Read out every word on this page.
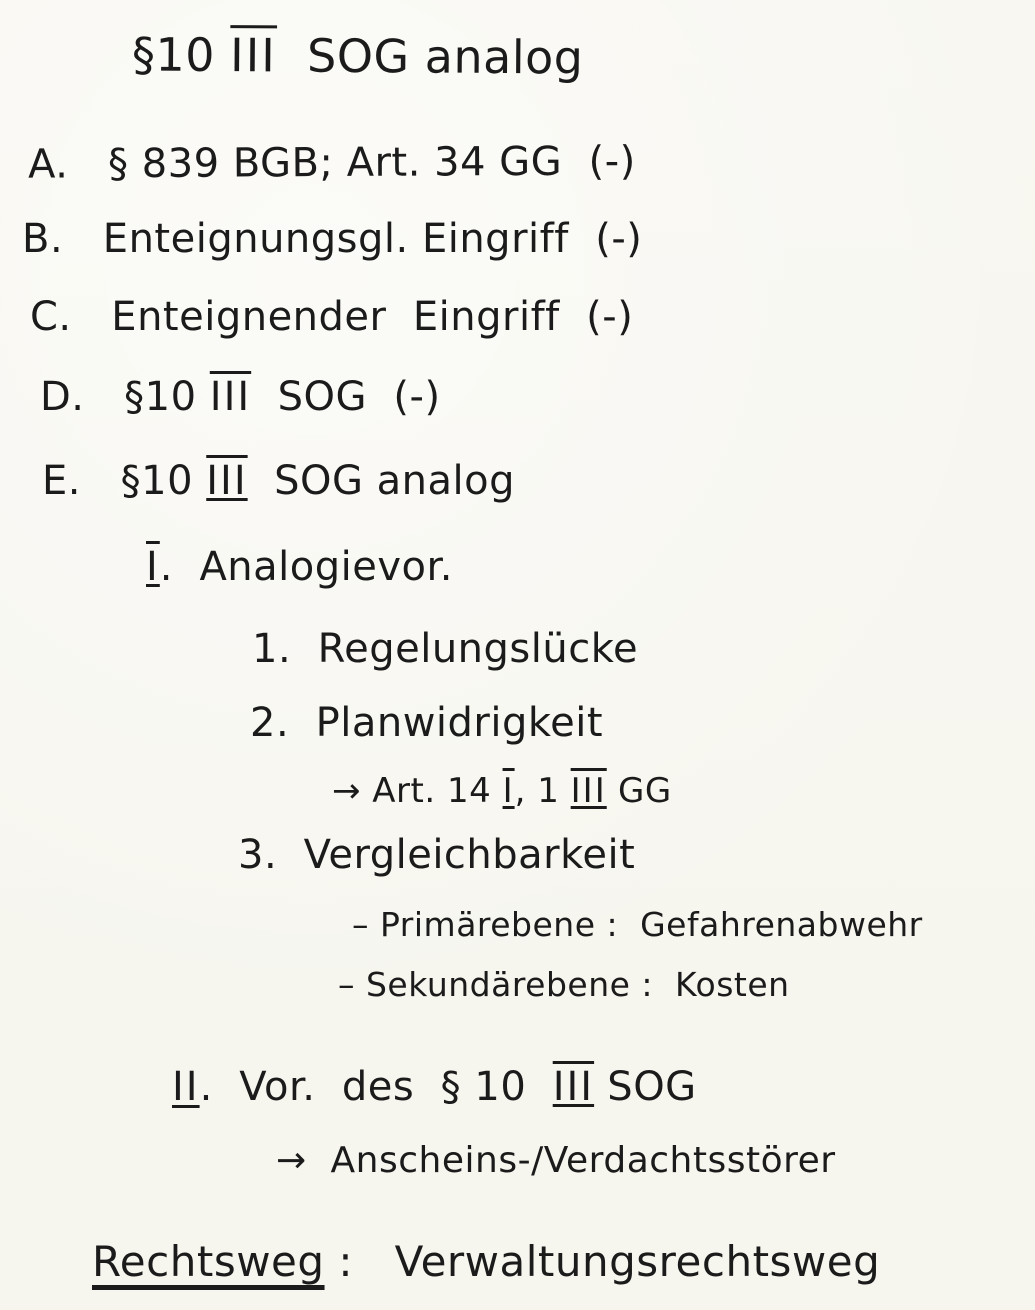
§10 $\overline{III}$  SOG analog
A.   § 839 BGB; Art. 34 GG  (-)
B.   Enteignungsgl. Eingriff  (-)
C.   Enteignender  Eingriff  (-)
D.   §10 $\overline{III}$  SOG  (-)
E.   §10 III  SOG analog
I.  Analogievor.
1.  Regelungslücke
2.  Planwidrigkeit
→ Art. 14 I, 1 III GG
3.  Vergleichbarkeit
– Primärebene :  Gefahrenabwehr
– Sekundärebene :  Kosten
II.  Vor.  des  § 10  III SOG
→  Anscheins-/Verdachtsstörer
Rechtsweg :   Verwaltungsrechtsweg
